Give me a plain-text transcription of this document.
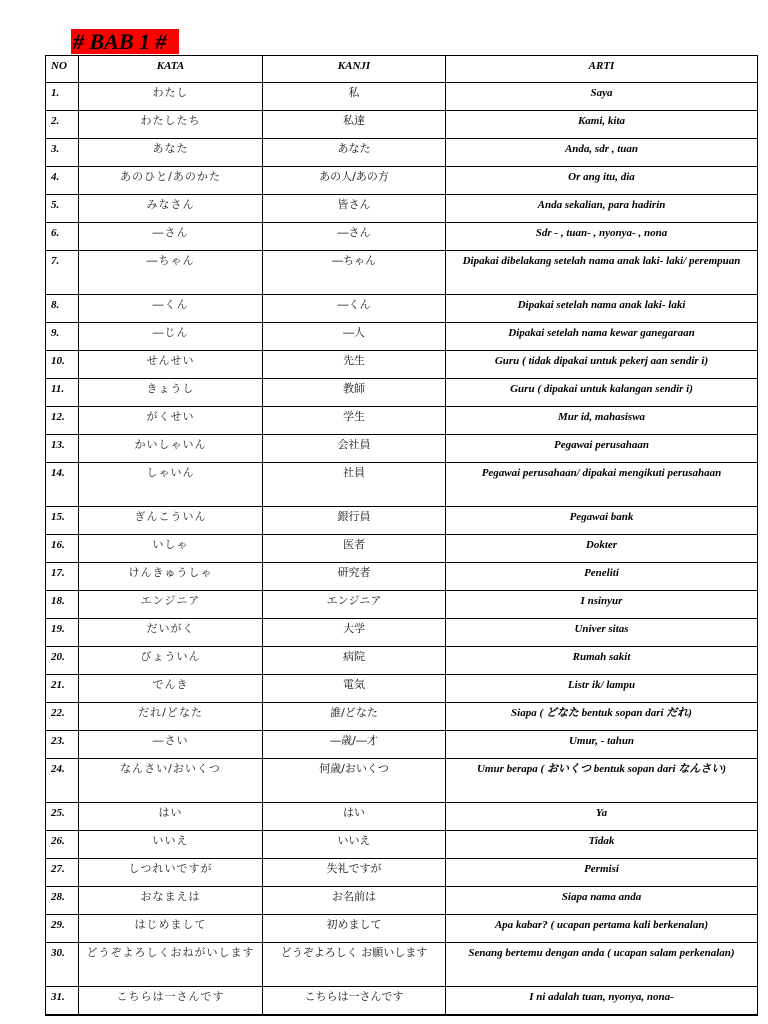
# BAB 1 #
NO	KATA	KANJI	ARTI
1.	わたし	私	Saya
2.	わたしたち	私達	Kami, kita
3.	あなた	あなた	Anda, sdr , tuan
4.	あのひと/あのかた	あの人/あの方	Or ang itu, dia
5.	みなさん	皆さん	Anda sekalian, para hadirin
6.	―さん	―さん	Sdr - , tuan- , nyonya- , nona
7.	―ちゃん	―ちゃん	Dipakai dibelakang setelah nama anak laki- laki/ perempuan
8.	―くん	―くん	Dipakai setelah nama anak laki- laki
9.	―じん	―人	Dipakai setelah nama kewar ganegaraan
10.	せんせい	先生	Guru ( tidak dipakai untuk pekerj aan sendir i)
11.	きょうし	教師	Guru ( dipakai untuk kalangan sendir i)
12.	がくせい	学生	Mur id, mahasiswa
13.	かいしゃいん	会社員	Pegawai perusahaan
14.	しゃいん	社員	Pegawai perusahaan/ dipakai mengikuti perusahaan
15.	ぎんこういん	銀行員	Pegawai bank
16.	いしゃ	医者	Dokter
17.	けんきゅうしゃ	研究者	Peneliti
18.	エンジニア	エンジニア	I nsinyur
19.	だいがく	大学	Univer sitas
20.	びょういん	病院	Rumah sakit
21.	でんき	電気	Listr ik/ lampu
22.	だれ/どなた	誰/どなた	Siapa ( どなた bentuk sopan dari だれ)
23.	―さい	―歳/―才	Umur, - tahun
24.	なんさい/おいくつ	何歳/おいくつ	Umur berapa ( おいくつ bentuk sopan dari なんさい)
25.	はい	はい	Ya
26.	いいえ	いいえ	Tidak
27.	しつれいですが	失礼ですが	Permisi
28.	おなまえは	お名前は	Siapa nama anda
29.	はじめまして	初めまして	Apa kabar? ( ucapan pertama kali berkenalan)
30.	どうぞよろしくおねがいします	どうぞよろしく お願いします	Senang bertemu dengan anda ( ucapan salam perkenalan)
31.	こちらは一さんです	こちらは一さんです	I ni adalah tuan, nyonya, nona-
